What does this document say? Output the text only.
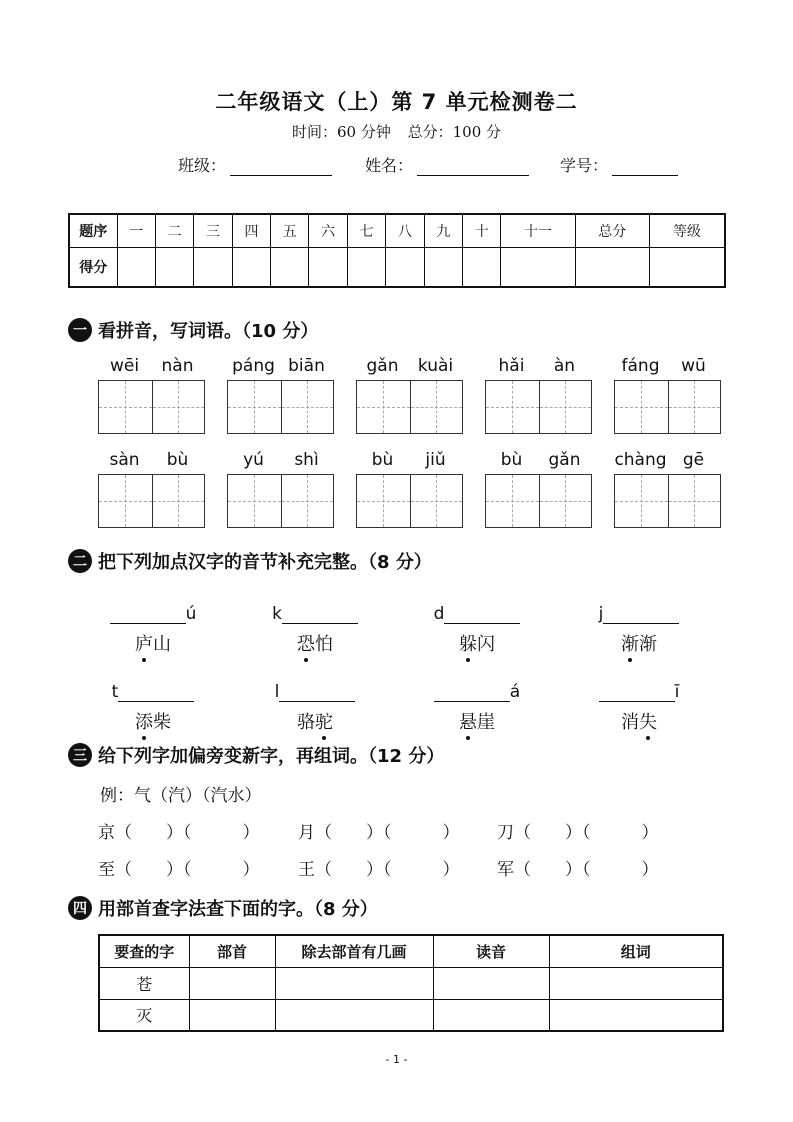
二年级语文（上）第 7 单元检测卷二
时间：60 分钟 总分：100 分
班级：	姓名：	学号：
题序	一	二	三	四	五	六	七	八	九	十	十一	总分	等级
得分													
一 看拼音，写词语。（10 分）
wēi	nàn	páng biān	gǎn	kuài	hǎi	àn	fáng	wū
sàn	bù	yú	shì	bù	jiǔ	bù	gǎn	chàng gē
二 把下列加点汉字的音节补充完整。（8 分）
ú
庐山
k
恐怕
d
躲闪
j
渐渐
t
添柴
l
骆驼
á
悬崖
ī
消失
三 给下列字加偏旁变新字，再组词。（12 分）
例：气（汽）（汽水）
京（　　）（　　　） 月（　　）（　　　） 刀（　　）（　　　）
至（　　）（　　　） 王（　　）（　　　） 军（　　）（　　　）
四 用部首查字法查下面的字。（8 分）
要查的字	部首	除去部首有几画	读音	组词
苍				
灭				
- 1 -
